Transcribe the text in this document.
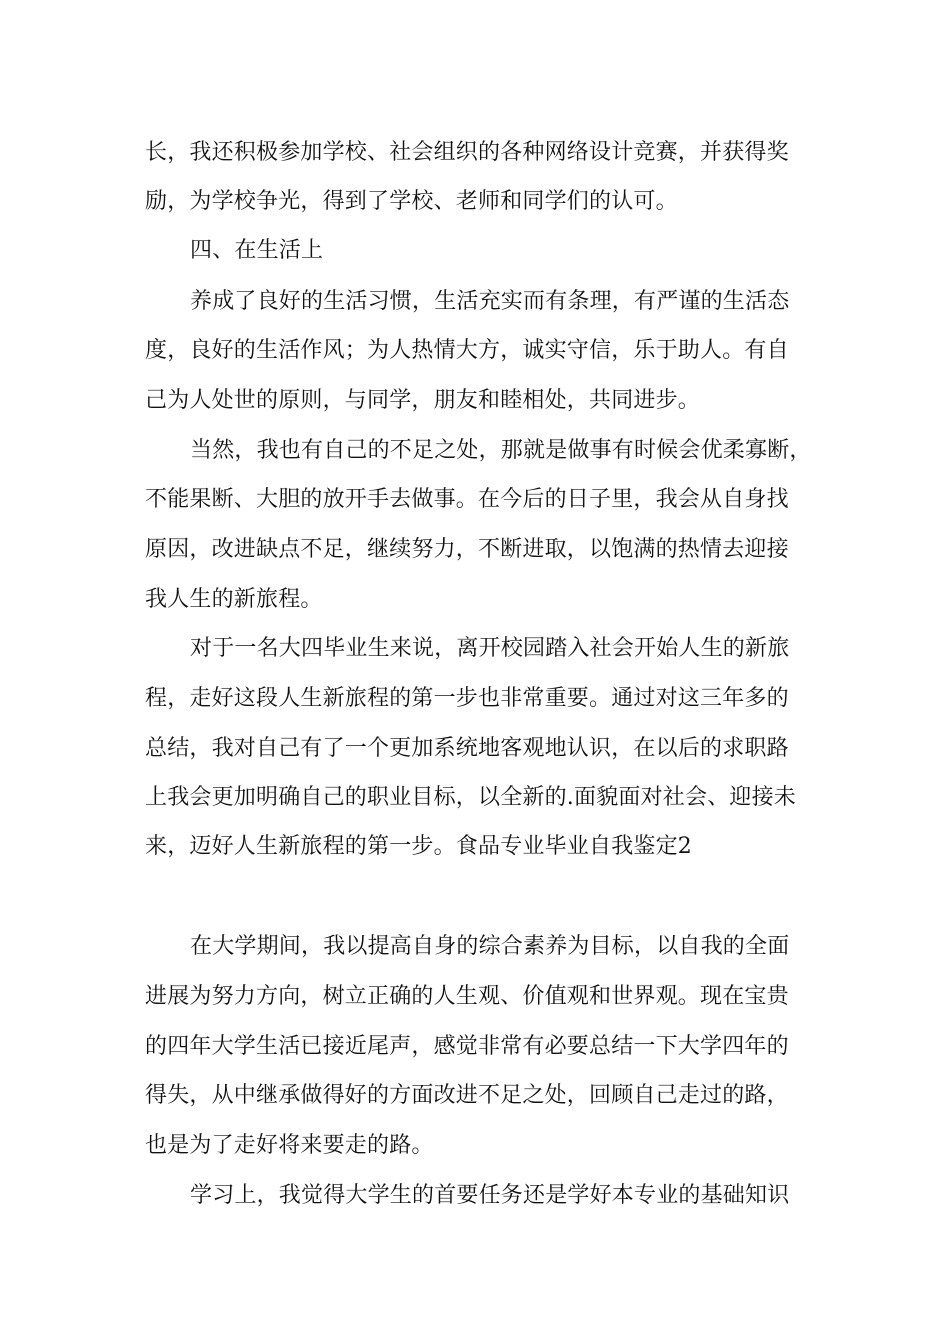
长，我还积极参加学校、社会组织的各种网络设计竞赛，并获得奖
励，为学校争光，得到了学校、老师和同学们的认可。
四、在生活上
养成了良好的生活习惯，生活充实而有条理，有严谨的生活态
度，良好的生活作风；为人热情大方，诚实守信，乐于助人。有自
己为人处世的原则，与同学，朋友和睦相处，共同进步。
当然，我也有自己的不足之处，那就是做事有时候会优柔寡断，
不能果断、大胆的放开手去做事。在今后的日子里，我会从自身找
原因，改进缺点不足，继续努力，不断进取，以饱满的热情去迎接
我人生的新旅程。
对于一名大四毕业生来说，离开校园踏入社会开始人生的新旅
程，走好这段人生新旅程的第一步也非常重要。通过对这三年多的
总结，我对自己有了一个更加系统地客观地认识，在以后的求职路
上我会更加明确自己的职业目标，以全新的.面貌面对社会、迎接未
来，迈好人生新旅程的第一步。食品专业毕业自我鉴定2
在大学期间，我以提高自身的综合素养为目标，以自我的全面
进展为努力方向，树立正确的人生观、价值观和世界观。现在宝贵
的四年大学生活已接近尾声，感觉非常有必要总结一下大学四年的
得失，从中继承做得好的方面改进不足之处，回顾自己走过的路，
也是为了走好将来要走的路。
学习上，我觉得大学生的首要任务还是学好本专业的基础知识
